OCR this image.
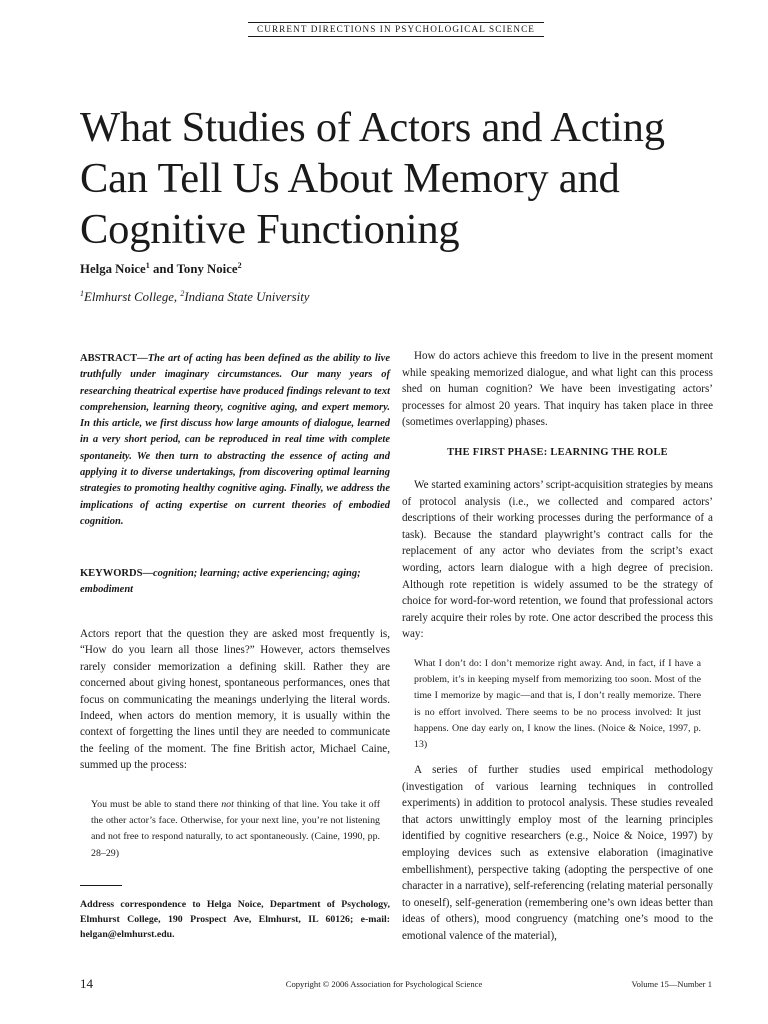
CURRENT DIRECTIONS IN PSYCHOLOGICAL SCIENCE
What Studies of Actors and Acting Can Tell Us About Memory and Cognitive Functioning
Helga Noice$^1$ and Tony Noice$^2$
$^1$Elmhurst College, $^2$Indiana State University
ABSTRACT—The art of acting has been defined as the ability to live truthfully under imaginary circumstances. Our many years of researching theatrical expertise have produced findings relevant to text comprehension, learning theory, cognitive aging, and expert memory. In this article, we first discuss how large amounts of dialogue, learned in a very short period, can be reproduced in real time with complete spontaneity. We then turn to abstracting the essence of acting and applying it to diverse undertakings, from discovering optimal learning strategies to promoting healthy cognitive aging. Finally, we address the implications of acting expertise on current theories of embodied cognition.
KEYWORDS—cognition; learning; active experiencing; aging; embodiment

Actors report that the question they are asked most frequently is, “How do you learn all those lines?” However, actors themselves rarely consider memorization a defining skill. Rather they are concerned about giving honest, spontaneous performances, ones that focus on communicating the meanings underlying the literal words. Indeed, when actors do mention memory, it is usually within the context of forgetting the lines until they are needed to communicate the feeling of the moment. The fine British actor, Michael Caine, summed up the process:

You must be able to stand there not thinking of that line. You take it off the other actor’s face. Otherwise, for your next line, you’re not listening and not free to respond naturally, to act spontaneously. (Caine, 1990, pp. 28–29)

Address correspondence to Helga Noice, Department of Psychology, Elmhurst College, 190 Prospect Ave, Elmhurst, IL 60126; e-mail: helgan@elmhurst.edu.

How do actors achieve this freedom to live in the present moment while speaking memorized dialogue, and what light can this process shed on human cognition? We have been investigating actors’ processes for almost 20 years. That inquiry has taken place in three (sometimes overlapping) phases.

THE FIRST PHASE: LEARNING THE ROLE

We started examining actors’ script-acquisition strategies by means of protocol analysis (i.e., we collected and compared actors’ descriptions of their working processes during the performance of a task). Because the standard playwright’s contract calls for the replacement of any actor who deviates from the script’s exact wording, actors learn dialogue with a high degree of precision. Although rote repetition is widely assumed to be the strategy of choice for word-for-word retention, we found that professional actors rarely acquire their roles by rote. One actor described the process this way:

What I don’t do: I don’t memorize right away. And, in fact, if I have a problem, it’s in keeping myself from memorizing too soon. Most of the time I memorize by magic—and that is, I don’t really memorize. There is no effort involved. There seems to be no process involved: It just happens. One day early on, I know the lines. (Noice & Noice, 1997, p. 13)

A series of further studies used empirical methodology (investigation of various learning techniques in controlled experiments) in addition to protocol analysis. These studies revealed that actors unwittingly employ most of the learning principles identified by cognitive researchers (e.g., Noice & Noice, 1997) by employing devices such as extensive elaboration (imaginative embellishment), perspective taking (adopting the perspective of one character in a narrative), self-referencing (relating material personally to oneself), self-generation (remembering one’s own ideas better than ideas of others), mood congruency (matching one’s mood to the emotional valence of the material),

14	Copyright © 2006 Association for Psychological Science	Volume 15—Number 1
